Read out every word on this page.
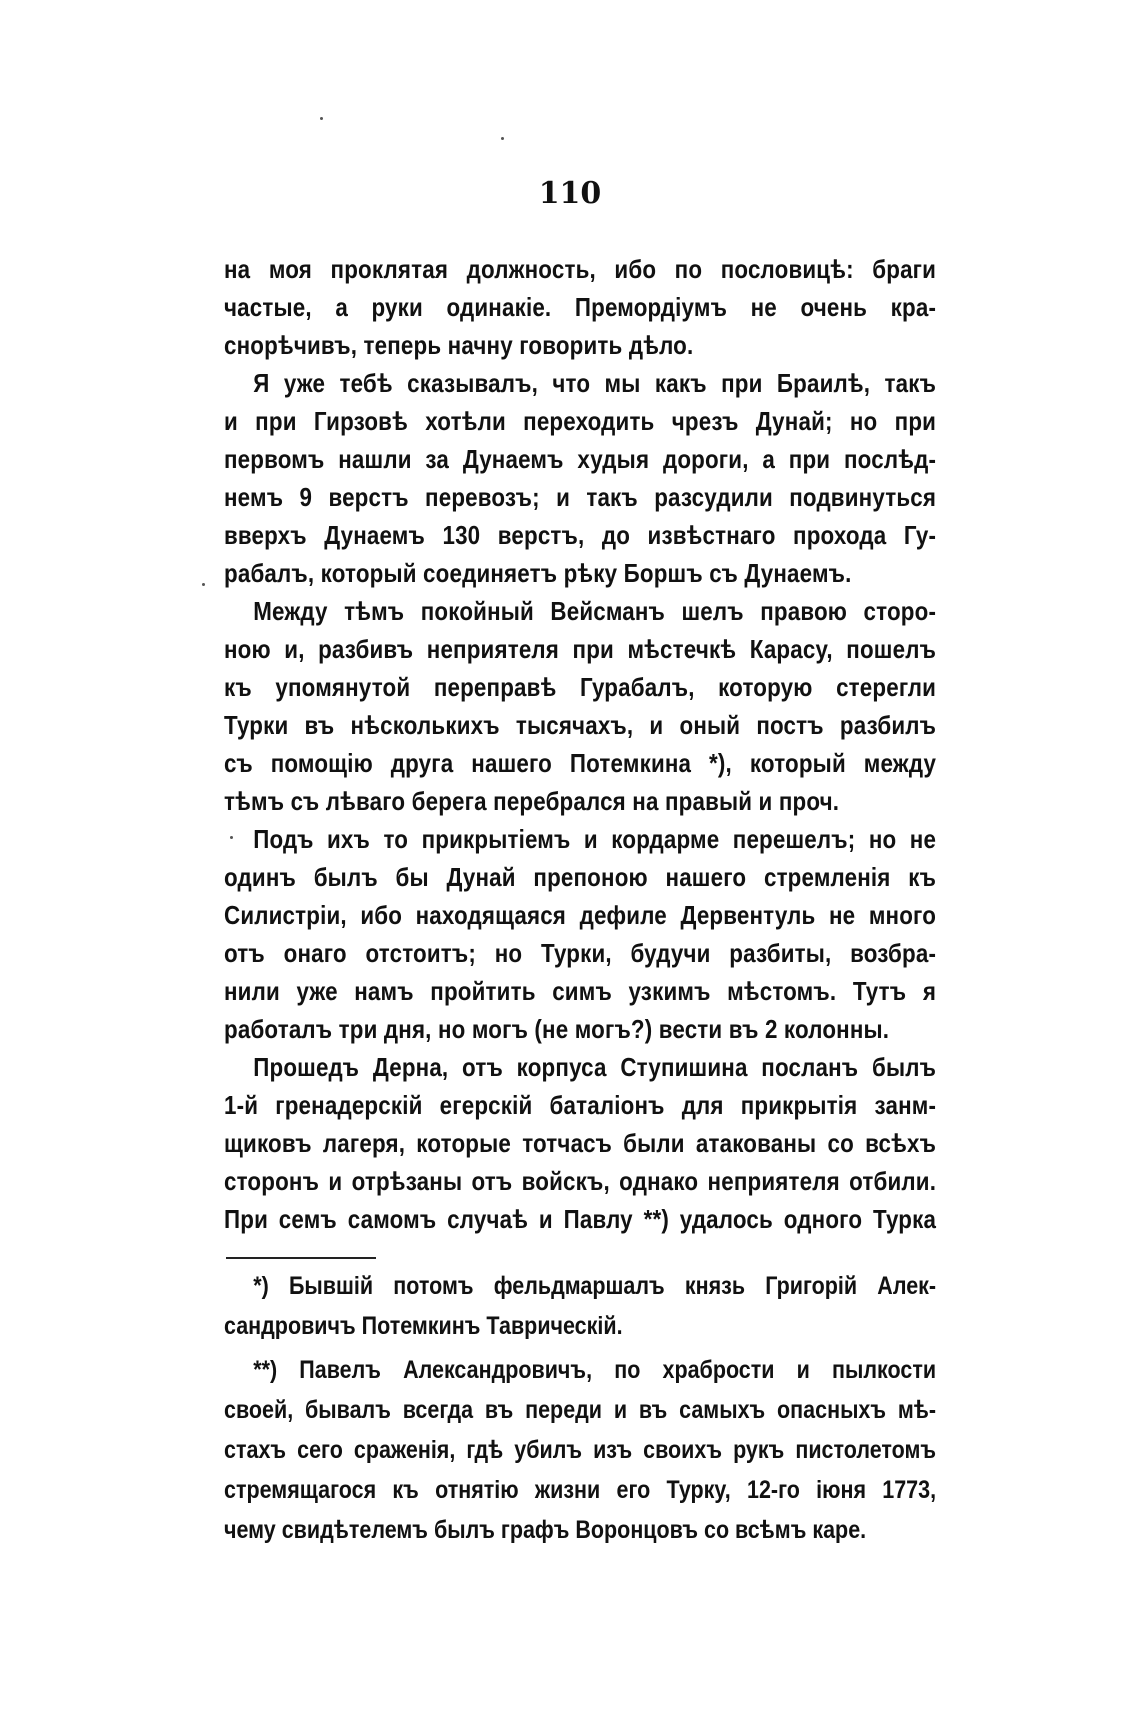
110
на моя проклятая должность, ибо по пословицѣ: браги
частые, а руки одинакіе. Премордіумъ не очень кра-
снорѣчивъ, теперь начну говорить дѣло.
Я уже тебѣ сказывалъ, что мы какъ при Браилѣ, такъ
и при Гирзовѣ хотѣли переходить чрезъ Дунай; но при
первомъ нашли за Дунаемъ худыя дороги, а при послѣд-
немъ 9 верстъ перевозъ; и такъ разсудили подвинуться
вверхъ Дунаемъ 130 верстъ, до извѣстнаго прохода Гу-
рабалъ, который соединяетъ рѣку Боршъ съ Дунаемъ.
Между тѣмъ покойный Вейсманъ шелъ правою сторо-
ною и, разбивъ неприятеля при мѣстечкѣ Карасу, пошелъ
къ упомянутой переправѣ Гурабалъ, которую стерегли
Турки въ нѣсколькихъ тысячахъ, и оный постъ разбилъ
съ помощію друга нашего Потемкина *), который между
тѣмъ съ лѣваго берега перебрался на правый и проч.
Подъ ихъ то прикрытіемъ и кордарме перешелъ; но не
одинъ былъ бы Дунай препоною нашего стремленія къ
Силистріи, ибо находящаяся дефиле Дервентуль не много
отъ онаго отстоитъ; но Турки, будучи разбиты, возбра-
нили уже намъ пройтить симъ узкимъ мѣстомъ. Тутъ я
работалъ три дня, но могъ (не могъ?) вести въ 2 колонны.
Прошедъ Дерна, отъ корпуса Ступишина посланъ былъ
1-й гренадерскій егерскій баталіонъ для прикрытія занм-
щиковъ лагеря, которые тотчасъ были атакованы со всѣхъ
сторонъ и отрѣзаны отъ войскъ, однако неприятеля отбили.
При семъ самомъ случаѣ и Павлу **) удалось одного Турка
*) Бывшій потомъ фельдмаршалъ князь Григорій Алек-
сандровичъ Потемкинъ Таврическій.
**) Павелъ Александровичъ, по храбрости и пылкости
своей, бывалъ всегда въ переди и въ самыхъ опасныхъ мѣ-
стахъ сего сраженія, гдѣ убилъ изъ своихъ рукъ пистолетомъ
стремящагося къ отнятію жизни его Турку, 12-го іюня 1773,
чему свидѣтелемъ былъ графъ Воронцовъ со всѣмъ каре.
